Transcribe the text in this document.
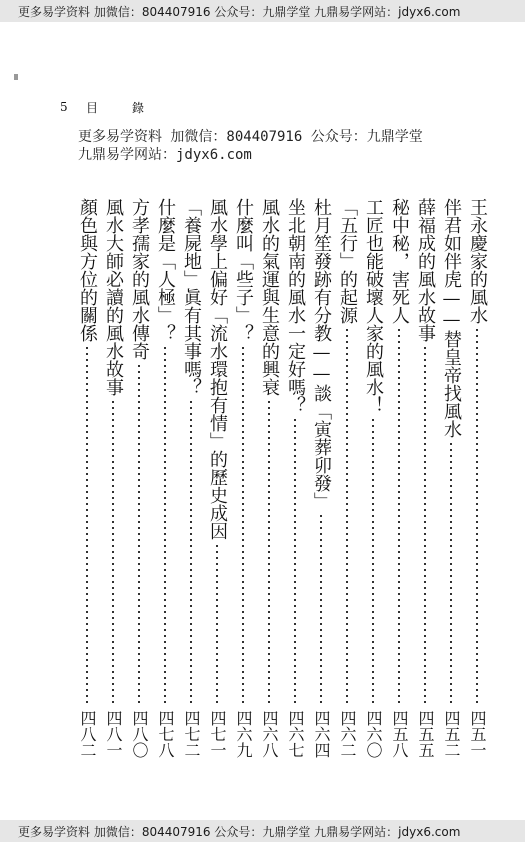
更多易学资料 加微信：804407916 公众号：九鼎学堂 九鼎易学网站：jdyx6.com
5 目錄
更多易学资料 加微信：804407916 公众号：九鼎学堂
九鼎易学网站：jdyx6.com
王永慶家的風水
四五一
伴君如伴虎——替皇帝找風水
四五二
薛福成的風水故事
四五五
秘中秘，害死人
四五八
工匠也能破壞人家的風水！
四六〇
「五行」的起源
四六二
杜月笙發跡有分教——談「寅葬卯發」
四六四
坐北朝南的風水一定好嗎？
四六七
風水的氣運與生意的興衰
四六八
什麼叫「些子」？
四六九
風水學上偏好「流水環抱有情」的歷史成因
四七一
「養屍地」眞有其事嗎？
四七二
什麼是「人極」？
四七八
方孝孺家的風水傳奇
四八〇
風水大師必讀的風水故事
四八一
顏色與方位的關係
四八二
更多易学资料 加微信：804407916 公众号：九鼎学堂 九鼎易学网站：jdyx6.com
